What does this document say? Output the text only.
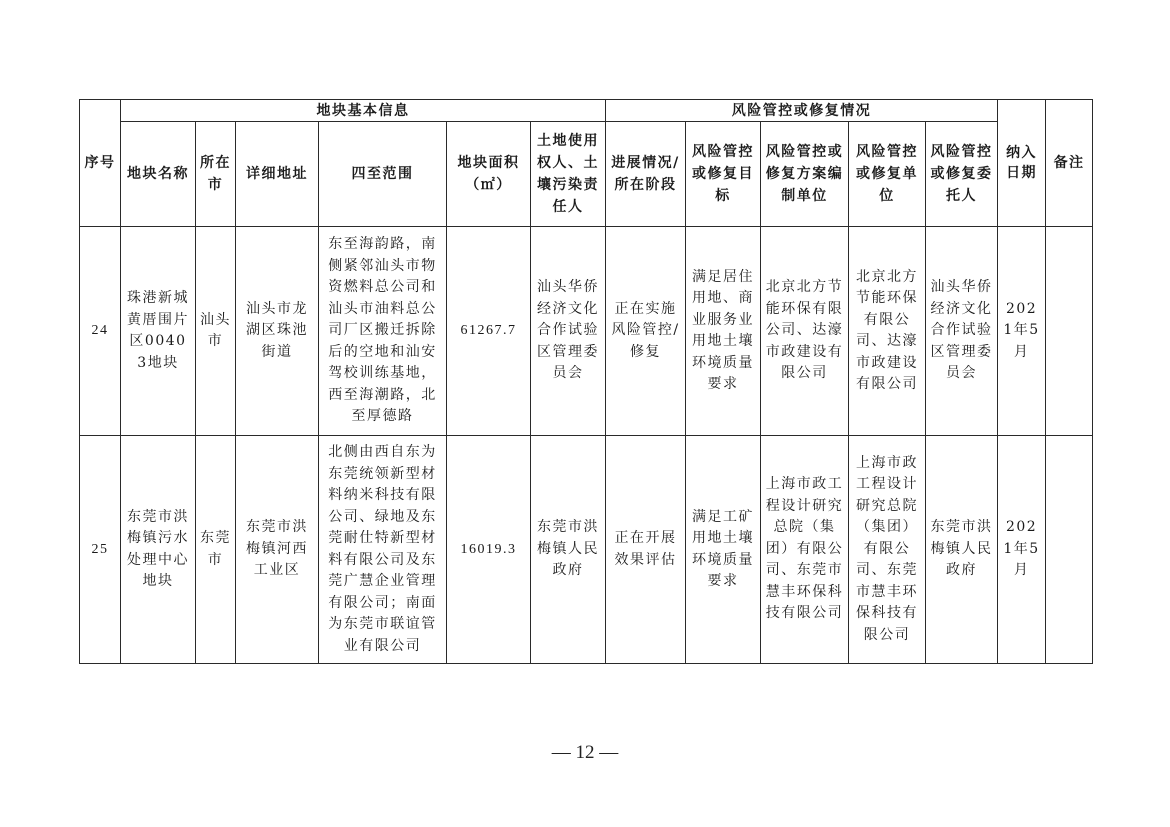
序号	地块基本信息						风险管控或修复情况					纳入日期	备注
	地块名称	所在市	详细地址	四至范围	地块面积（㎡）	土地使用权人、土壤污染责任人	进展情况/所在阶段	风险管控或修复目标	风险管控或修复方案编制单位	风险管控或修复单位	风险管控或修复委托人		
24	珠港新城黄厝围片区00403地块	汕头市	汕头市龙湖区珠池街道	东至海韵路，南侧紧邻汕头市物资燃料总公司和汕头市油料总公司厂区搬迁拆除后的空地和汕安驾校训练基地，西至海潮路，北至厚德路	61267.7	汕头华侨经济文化合作试验区管理委员会	正在实施风险管控/修复	满足居住用地、商业服务业用地土壤环境质量要求	北京北方节能环保有限公司、达濠市政建设有限公司	北京北方节能环保有限公司、达濠市政建设有限公司	汕头华侨经济文化合作试验区管理委员会	2021年5月	
25	东莞市洪梅镇污水处理中心地块	东莞市	东莞市洪梅镇河西工业区	北侧由西自东为东莞统领新型材料纳米科技有限公司、绿地及东莞耐仕特新型材料有限公司及东莞广慧企业管理有限公司；南面为东莞市联谊管业有限公司	16019.3	东莞市洪梅镇人民政府	正在开展效果评估	满足工矿用地土壤环境质量要求	上海市政工程设计研究总院（集团）有限公司、东莞市慧丰环保科技有限公司	上海市政工程设计研究总院（集团）有限公司、东莞市慧丰环保科技有限公司	东莞市洪梅镇人民政府	2021年5月	
— 12 —
